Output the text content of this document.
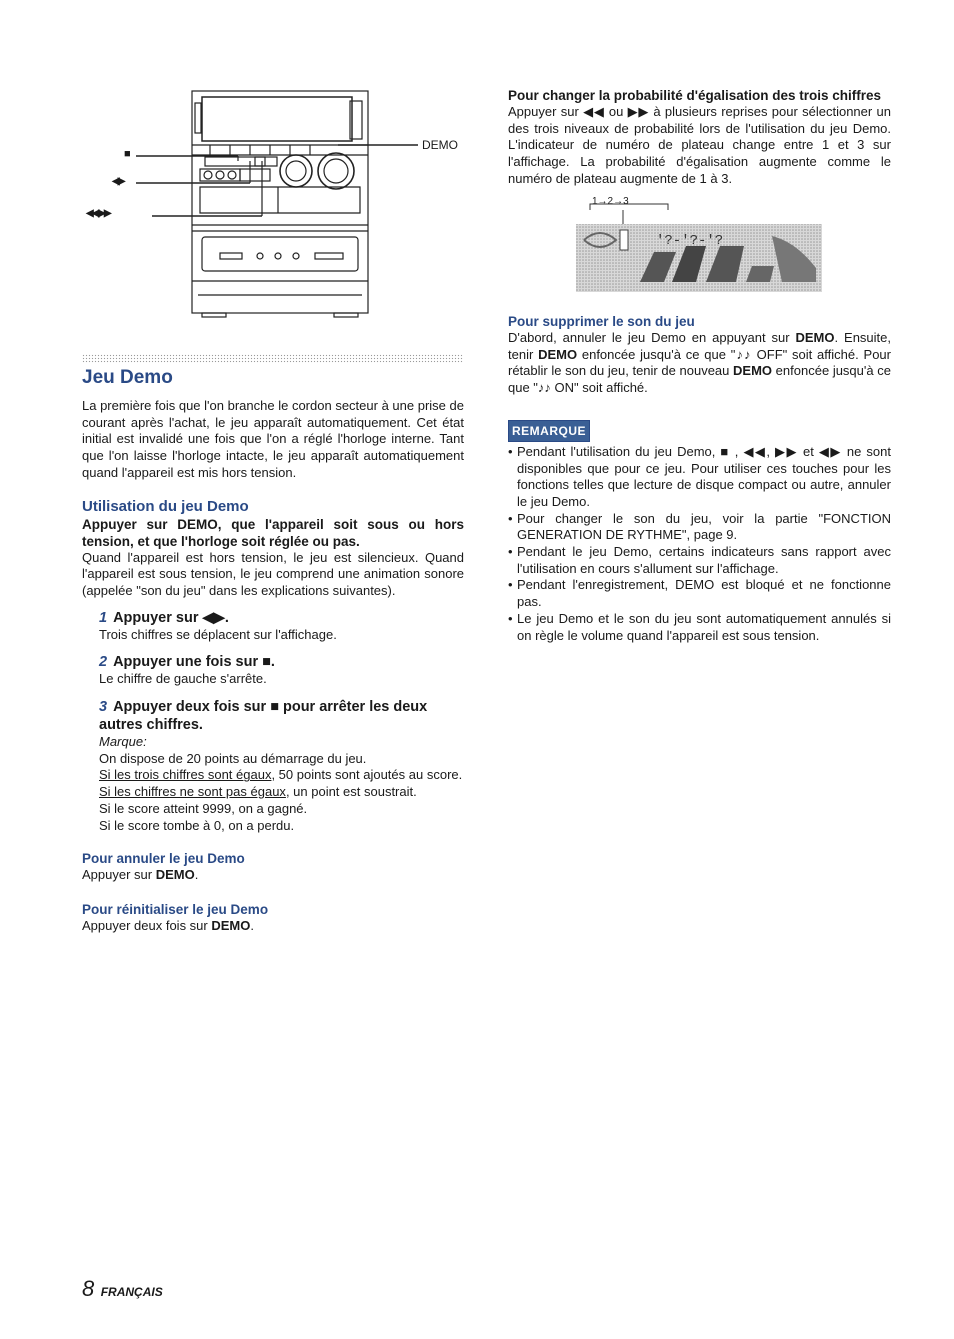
■
◀▶
◀◀,▶▶
DEMO
Jeu Demo

La première fois que l'on branche le cordon secteur à une prise de courant après l'achat, le jeu apparaît automatiquement. Cet état initial est invalidé une fois que l'on a réglé l'horloge interne. Tant que l'on laisse l'horloge intacte, le jeu apparaît automatiquement quand l'appareil est mis hors tension.

Utilisation du jeu Demo

Appuyer sur DEMO, que l'appareil soit sous ou hors tension, et que l'horloge soit réglée ou pas.

Quand l'appareil est hors tension, le jeu est silencieux. Quand l'appareil est sous tension, le jeu comprend une animation sonore (appelée "son du jeu" dans les explications suivantes).

1 Appuyer sur ◀▶.

Trois chiffres se déplacent sur l'affichage.

2 Appuyer une fois sur ■.

Le chiffre de gauche s'arrête.

3 Appuyer deux fois sur ■ pour arrêter les deux autres chiffres.

Marque:

On dispose de 20 points au démarrage du jeu.

Si les trois chiffres sont égaux, 50 points sont ajoutés au score.

Si les chiffres ne sont pas égaux, un point est soustrait.

Si le score atteint 9999, on a gagné.

Si le score tombe à 0, on a perdu.

Pour annuler le jeu Demo

Appuyer sur DEMO.

Pour réinitialiser le jeu Demo

Appuyer deux fois sur DEMO.

Pour changer la probabilité d'égalisation des trois chiffres

Appuyer sur ◀◀ ou ▶▶ à plusieurs reprises pour sélectionner un des trois niveaux de probabilité lors de l'utilisation du jeu Demo. L'indicateur de numéro de plateau change entre 1 et 3 sur l'affichage. La probabilité d'égalisation augmente comme le numéro de plateau augmente de 1 à 3.

1→2→3
'?-'?-'?
Pour supprimer le son du jeu

D'abord, annuler le jeu Demo en appuyant sur DEMO. Ensuite, tenir DEMO enfoncée jusqu'à ce que "♪♪ OFF" soit affiché. Pour rétablir le son du jeu, tenir de nouveau DEMO enfoncée jusqu'à ce que "♪♪ ON" soit affiché.

REMARQUE
• Pendant l'utilisation du jeu Demo, ■ , ◀◀, ▶▶ et ◀▶ ne sont disponibles que pour ce jeu. Pour utiliser ces touches pour les fonctions telles que lecture de disque compact ou autre, annuler le jeu Demo.
• Pour changer le son du jeu, voir la partie "FONCTION GENERATION DE RYTHME", page 9.
• Pendant le jeu Demo, certains indicateurs sans rapport avec l'utilisation en cours s'allument sur l'affichage.
• Pendant l'enregistrement, DEMO est bloqué et ne fonctionne pas.
• Le jeu Demo et le son du jeu sont automatiquement annulés si on règle le volume quand l'appareil est sous tension.
8 FRANÇAIS
